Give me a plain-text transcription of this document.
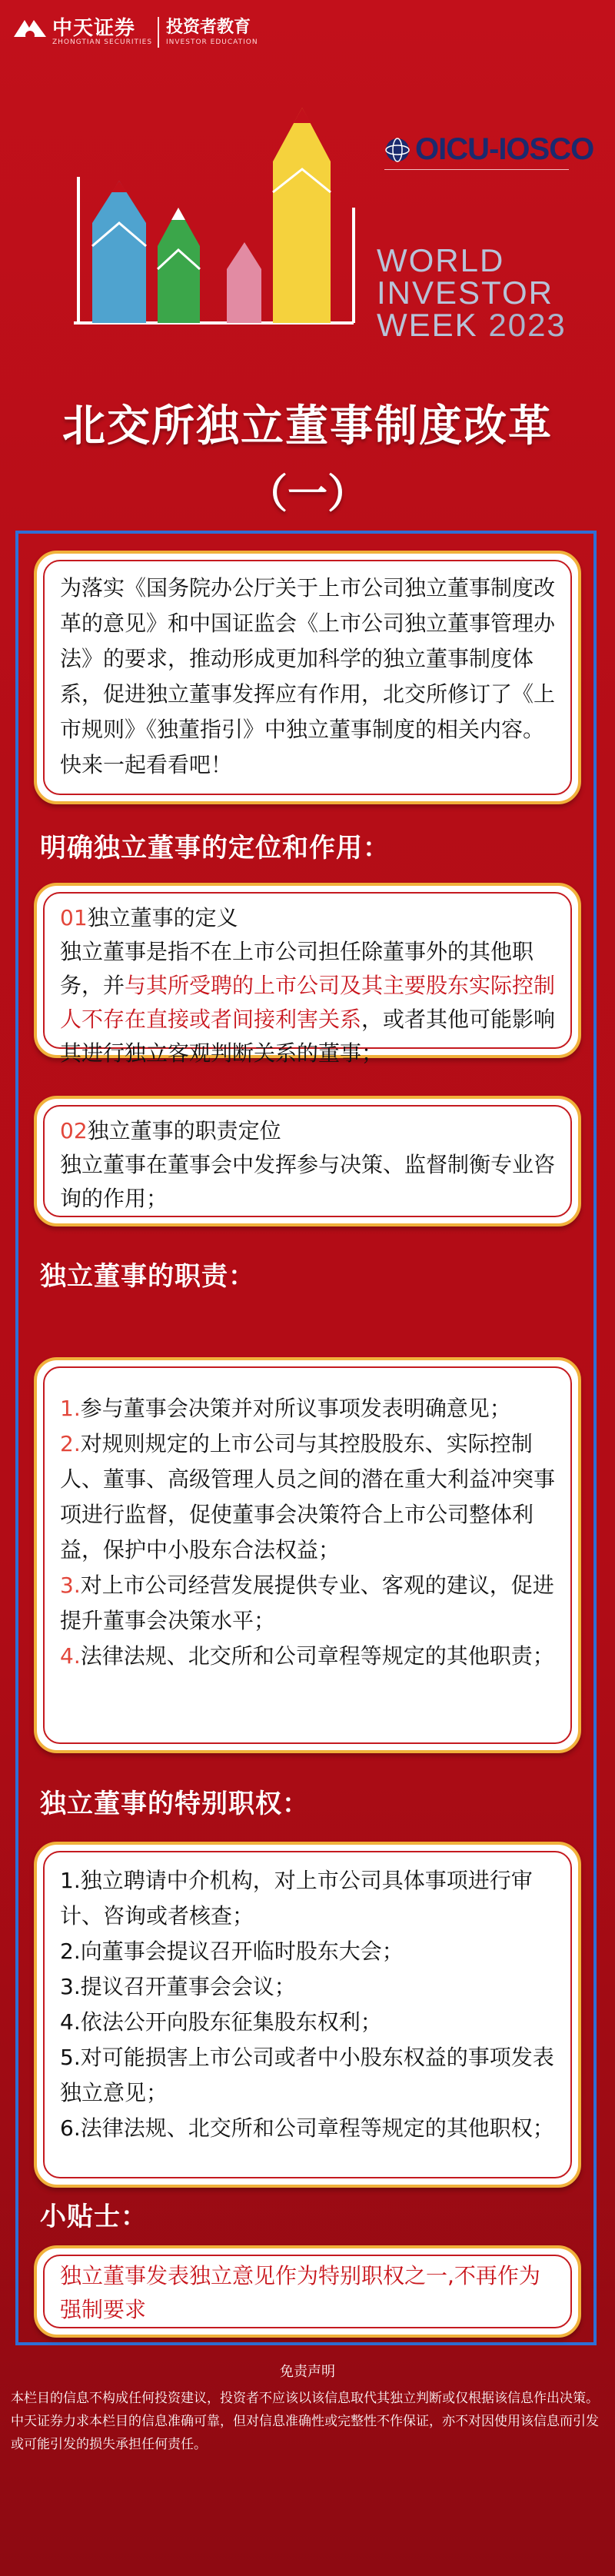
中天证券
ZHONGTIAN SECURITIES
投资者教育
INVESTOR EDUCATION
OICU-IOSCO
WORLD
INVESTOR
WEEK 2023
北交所独立董事制度改革
（一）
为落实《国务院办公厅关于上市公司独立董事制度改革的意见》和中国证监会《上市公司独立董事管理办法》的要求，推动形成更加科学的独立董事制度体系，促进独立董事发挥应有作用，北交所修订了《上市规则》《独董指引》中独立董事制度的相关内容。快来一起看看吧！
明确独立董事的定位和作用：
01独立董事的定义
独立董事是指不在上市公司担任除董事外的其他职务，并与其所受聘的上市公司及其主要股东实际控制人不存在直接或者间接利害关系，或者其他可能影响其进行独立客观判断关系的董事；
02独立董事的职责定位
独立董事在董事会中发挥参与决策、监督制衡专业咨询的作用；
独立董事的职责：
1.参与董事会决策并对所议事项发表明确意见；
2.对规则规定的上市公司与其控股股东、实际控制人、董事、高级管理人员之间的潜在重大利益冲突事项进行监督，促使董事会决策符合上市公司整体利益，保护中小股东合法权益；
3.对上市公司经营发展提供专业、客观的建议，促进提升董事会决策水平；
4.法律法规、北交所和公司章程等规定的其他职责；
独立董事的特别职权：
1.独立聘请中介机构，对上市公司具体事项进行审计、咨询或者核查；
2.向董事会提议召开临时股东大会；
3.提议召开董事会会议；
4.依法公开向股东征集股东权利；
5.对可能损害上市公司或者中小股东权益的事项发表独立意见；
6.法律法规、北交所和公司章程等规定的其他职权；
小贴士：
独立董事发表独立意见作为特别职权之一,不再作为强制要求
免责声明
本栏目的信息不构成任何投资建议，投资者不应该以该信息取代其独立判断或仅根据该信息作出决策。中天证券力求本栏目的信息准确可靠，但对信息准确性或完整性不作保证，亦不对因使用该信息而引发或可能引发的损失承担任何责任。
